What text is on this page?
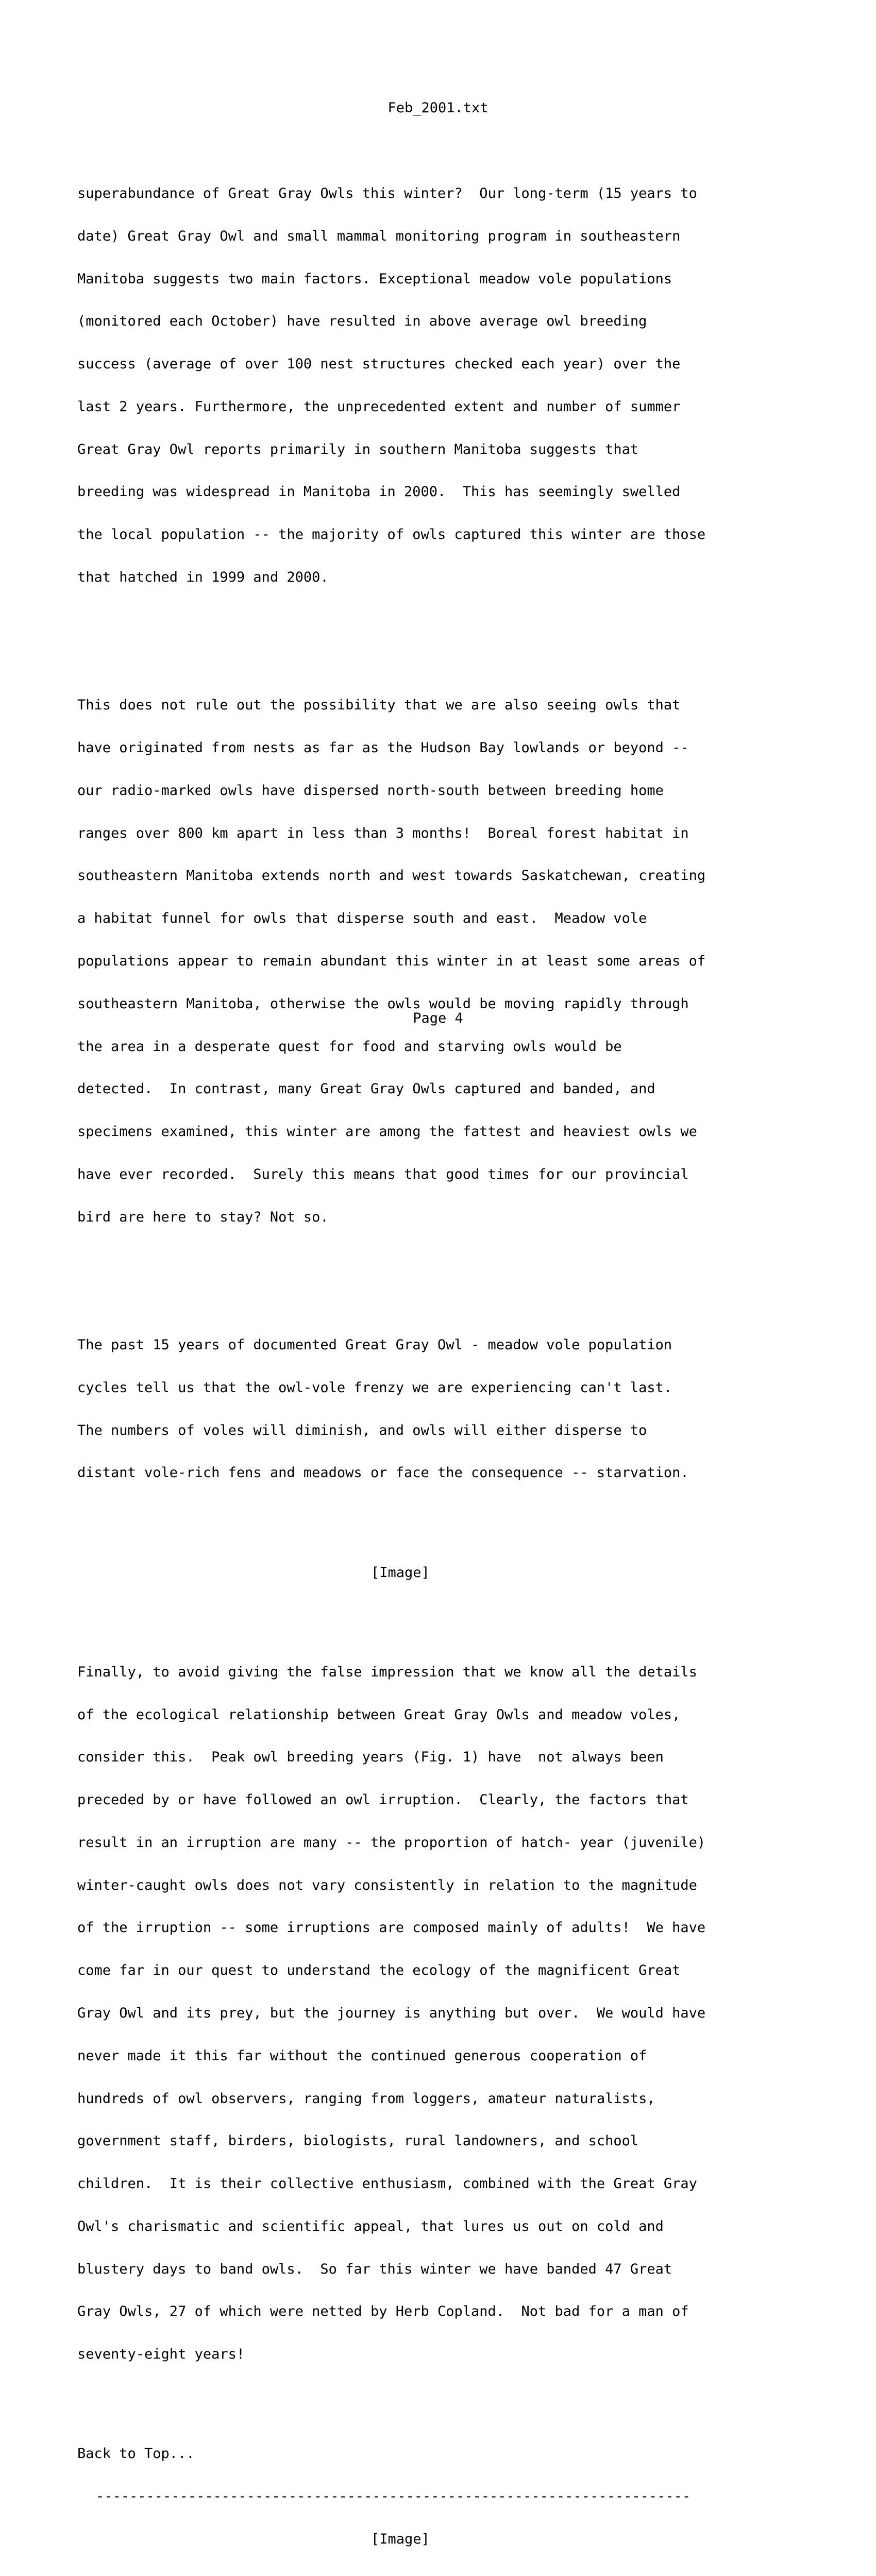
Feb_2001.txt

superabundance of Great Gray Owls this winter?  Our long-term (15 years to

date) Great Gray Owl and small mammal monitoring program in southeastern

Manitoba suggests two main factors. Exceptional meadow vole populations

(monitored each October) have resulted in above average owl breeding

success (average of over 100 nest structures checked each year) over the

last 2 years. Furthermore, the unprecedented extent and number of summer

Great Gray Owl reports primarily in southern Manitoba suggests that

breeding was widespread in Manitoba in 2000.  This has seemingly swelled

the local population -- the majority of owls captured this winter are those

that hatched in 1999 and 2000.

This does not rule out the possibility that we are also seeing owls that

have originated from nests as far as the Hudson Bay lowlands or beyond --

our radio-marked owls have dispersed north-south between breeding home

ranges over 800 km apart in less than 3 months!  Boreal forest habitat in

southeastern Manitoba extends north and west towards Saskatchewan, creating

a habitat funnel for owls that disperse south and east.  Meadow vole

populations appear to remain abundant this winter in at least some areas of

southeastern Manitoba, otherwise the owls would be moving rapidly through

the area in a desperate quest for food and starving owls would be

detected.  In contrast, many Great Gray Owls captured and banded, and

specimens examined, this winter are among the fattest and heaviest owls we

have ever recorded.  Surely this means that good times for our provincial

bird are here to stay? Not so.

The past 15 years of documented Great Gray Owl - meadow vole population

cycles tell us that the owl-vole frenzy we are experiencing can't last.

The numbers of voles will diminish, and owls will either disperse to

distant vole-rich fens and meadows or face the consequence -- starvation.

[Image]

Finally, to avoid giving the false impression that we know all the details

of the ecological relationship between Great Gray Owls and meadow voles,

consider this.  Peak owl breeding years (Fig. 1) have  not always been

preceded by or have followed an owl irruption.  Clearly, the factors that

result in an irruption are many -- the proportion of hatch- year (juvenile)

winter-caught owls does not vary consistently in relation to the magnitude

of the irruption -- some irruptions are composed mainly of adults!  We have

come far in our quest to understand the ecology of the magnificent Great

Gray Owl and its prey, but the journey is anything but over.  We would have

never made it this far without the continued generous cooperation of

hundreds of owl observers, ranging from loggers, amateur naturalists,

government staff, birders, biologists, rural landowners, and school

children.  It is their collective enthusiasm, combined with the Great Gray

Owl's charismatic and scientific appeal, that lures us out on cold and

blustery days to band owls.  So far this winter we have banded 47 Great

Gray Owls, 27 of which were netted by Herb Copland.  Not bad for a man of

seventy-eight years!

Back to Top...

-----------------------------------------------------------------------

[Image]

Page 4
